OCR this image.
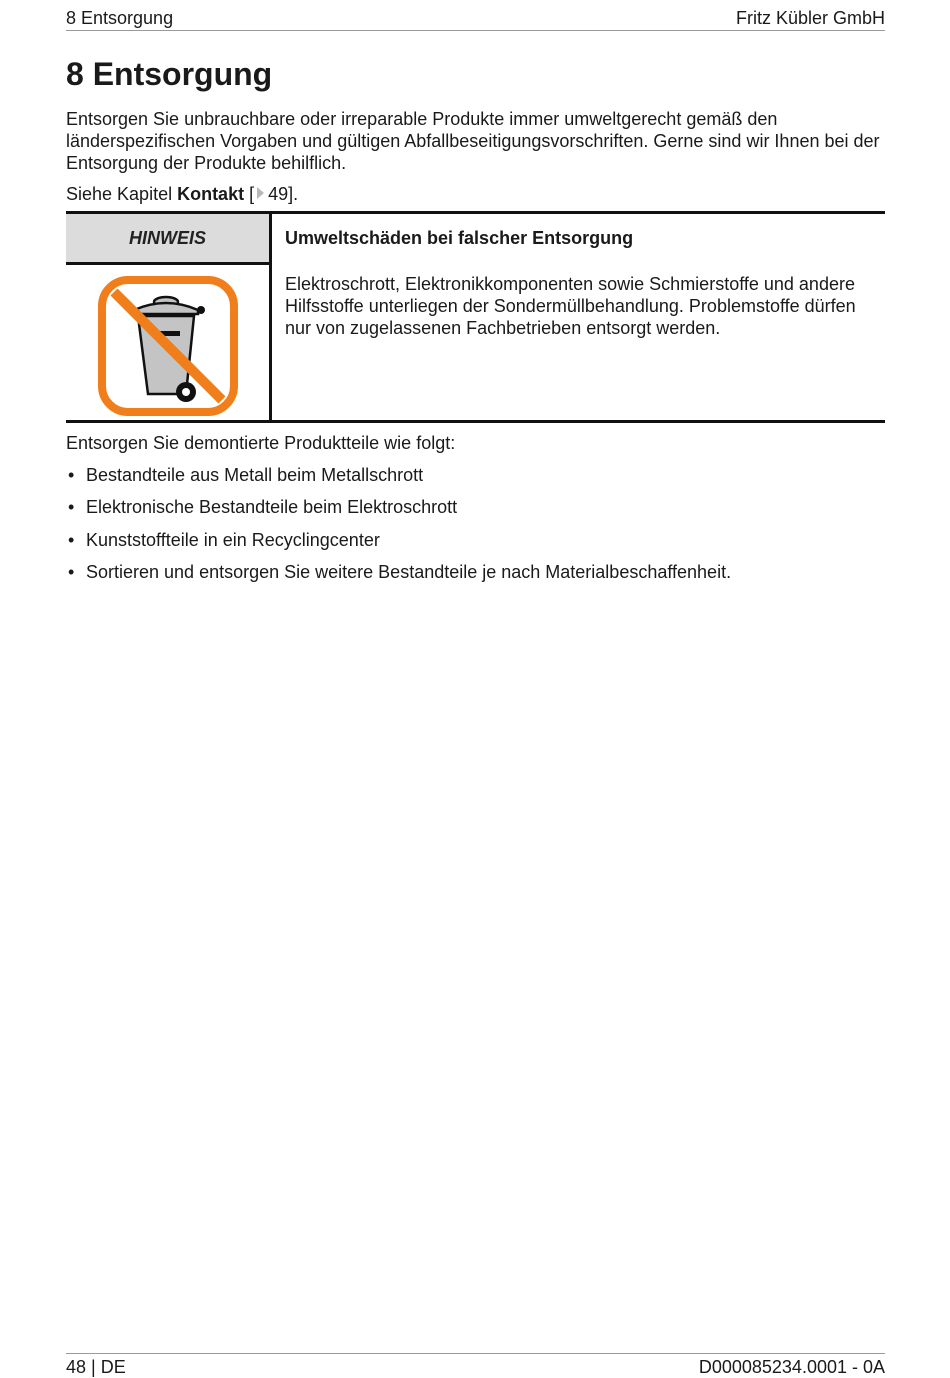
8 Entsorgung	Fritz Kübler GmbH
8 Entsorgung

Entsorgen Sie unbrauchbare oder irreparable Produkte immer umweltgerecht gemäß den länderspezifischen Vorgaben und gültigen Abfallbeseitigungsvorschriften. Gerne sind wir Ihnen bei der Entsorgung der Produkte behilflich.

Siehe Kapitel Kontakt [ 49].

HINWEIS	Umweltschäden bei falscher Entsorgung

Elektroschrott, Elektronikkomponenten sowie Schmierstoffe und andere Hilfsstoffe unterliegen der Sondermüllbehandlung. Problemstoffe dürfen nur von zugelassenen Fachbetrieben entsorgt werden.

Entsorgen Sie demontierte Produktteile wie folgt:

• Bestandteile aus Metall beim Metallschrott
• Elektronische Bestandteile beim Elektroschrott
• Kunststoffteile in ein Recyclingcenter
• Sortieren und entsorgen Sie weitere Bestandteile je nach Materialbeschaffenheit.
48 | DE	D000085234.0001 - 0A
